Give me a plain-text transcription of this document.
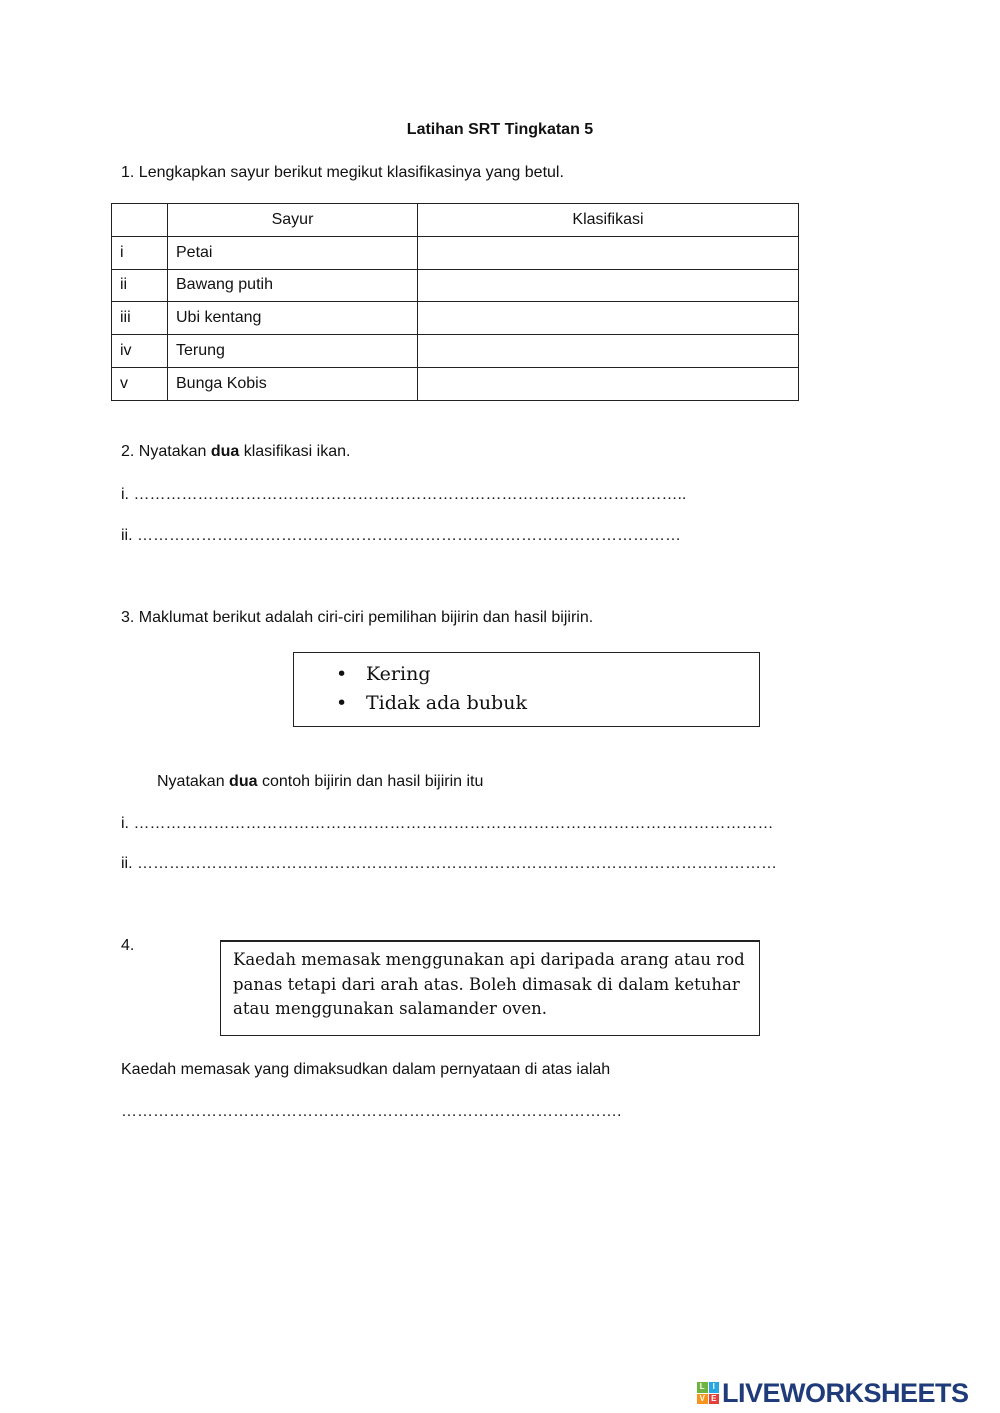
Latihan SRT Tingkatan 5
1. Lengkapkan sayur berikut megikut klasifikasinya yang betul.
	Sayur	Klasifikasi
i	Petai	
ii	Bawang putih	
iii	Ubi kentang	
iv	Terung	
v	Bunga Kobis	
2. Nyatakan dua klasifikasi ikan.
i. …………………………………………………………………………………………..
ii. …………………………………………………………………………………………
3. Maklumat berikut adalah ciri-ciri pemilihan bijirin dan hasil bijirin.
• Kering
• Tidak ada bubuk
Nyatakan dua contoh bijirin dan hasil bijirin itu
i. …………………………………………………………………………………………………………
ii. …………………………………………………………………………………………………………
4.
Kaedah memasak menggunakan api daripada arang atau rod panas tetapi dari arah atas. Boleh dimasak di dalam ketuhar atau menggunakan salamander oven.
Kaedah memasak yang dimaksudkan dalam pernyataan di atas ialah
………………………………………………………………………………….
L I
V E LIVEWORKSHEETS
